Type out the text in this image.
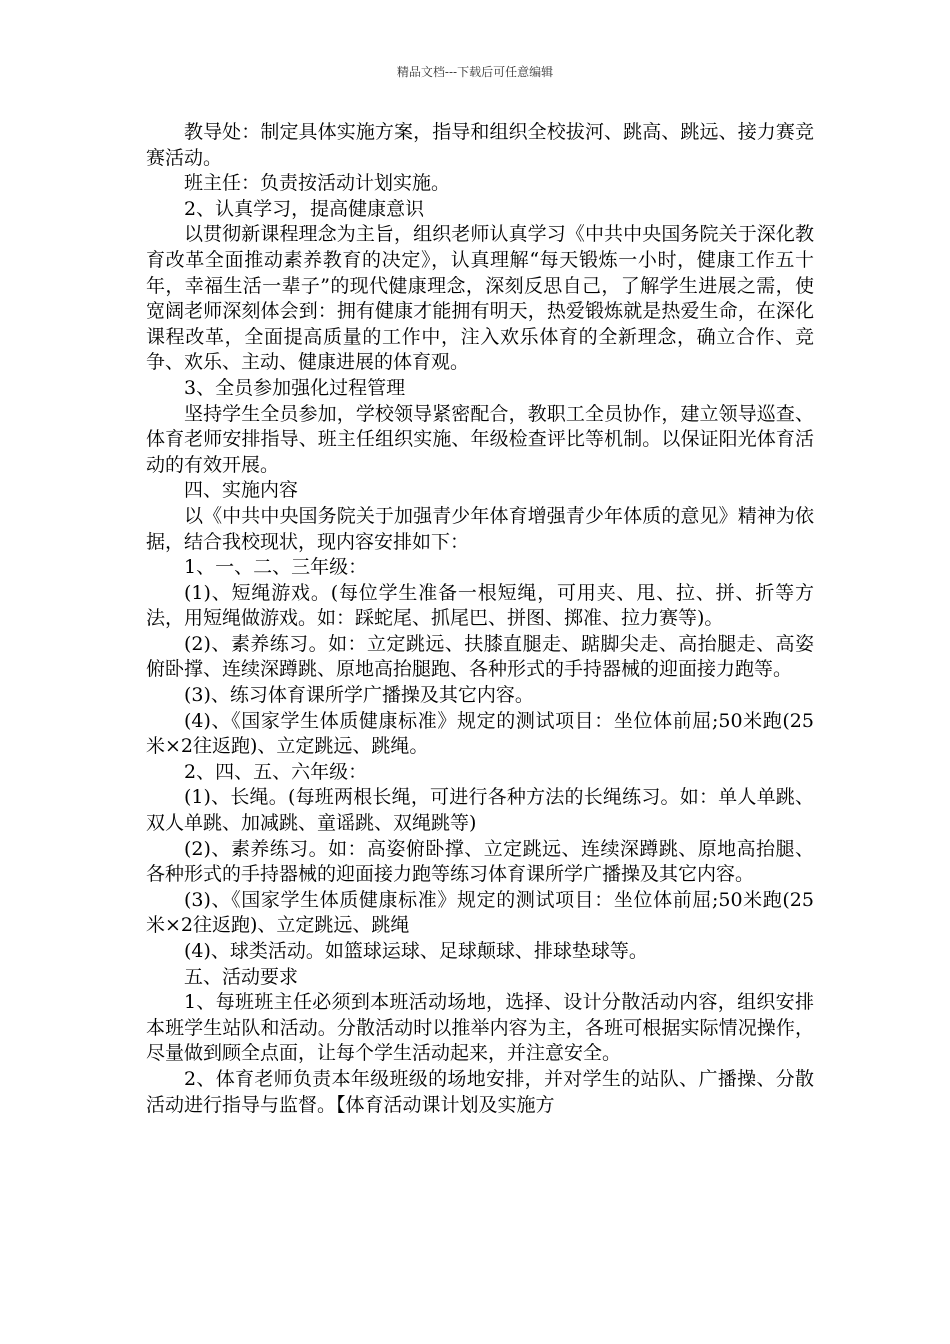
精品文档---下载后可任意编辑

教导处：制定具体实施方案，指导和组织全校拔河、跳高、跳远、接力赛竞赛活动。

班主任：负责按活动计划实施。

2、认真学习，提高健康意识

以贯彻新课程理念为主旨，组织老师认真学习《中共中央国务院关于深化教育改革全面推动素养教育的决定》，认真理解“每天锻炼一小时，健康工作五十年，幸福生活一辈子”的现代健康理念，深刻反思自己，了解学生进展之需，使宽阔老师深刻体会到：拥有健康才能拥有明天，热爱锻炼就是热爱生命，在深化课程改革，全面提高质量的工作中，注入欢乐体育的全新理念，确立合作、竞争、欢乐、主动、健康进展的体育观。

3、全员参加强化过程管理

坚持学生全员参加，学校领导紧密配合，教职工全员协作，建立领导巡查、体育老师安排指导、班主任组织实施、年级检查评比等机制。以保证阳光体育活动的有效开展。

四、实施内容

以《中共中央国务院关于加强青少年体育增强青少年体质的意见》精神为依据，结合我校现状，现内容安排如下：

1、一、二、三年级：

(1)、短绳游戏。(每位学生准备一根短绳，可用夹、甩、拉、拼、折等方法，用短绳做游戏。如：踩蛇尾、抓尾巴、拼图、掷准、拉力赛等)。

(2)、素养练习。如：立定跳远、扶膝直腿走、踮脚尖走、高抬腿走、高姿俯卧撑、连续深蹲跳、原地高抬腿跑、各种形式的手持器械的迎面接力跑等。

(3)、练习体育课所学广播操及其它内容。

(4)、《国家学生体质健康标准》规定的测试项目：坐位体前屈;50米跑(25米×2往返跑)、立定跳远、跳绳。

2、四、五、六年级：

(1)、长绳。(每班两根长绳，可进行各种方法的长绳练习。如：单人单跳、双人单跳、加减跳、童谣跳、双绳跳等)

(2)、素养练习。如：高姿俯卧撑、立定跳远、连续深蹲跳、原地高抬腿、各种形式的手持器械的迎面接力跑等练习体育课所学广播操及其它内容。

(3)、《国家学生体质健康标准》规定的测试项目：坐位体前屈;50米跑(25米×2往返跑)、立定跳远、跳绳

(4)、球类活动。如篮球运球、足球颠球、排球垫球等。

五、活动要求

1、每班班主任必须到本班活动场地，选择、设计分散活动内容，组织安排本班学生站队和活动。分散活动时以推举内容为主，各班可根据实际情况操作，尽量做到顾全点面，让每个学生活动起来，并注意安全。

2、体育老师负责本年级班级的场地安排，并对学生的站队、广播操、分散活动进行指导与监督。【体育活动课计划及实施方
